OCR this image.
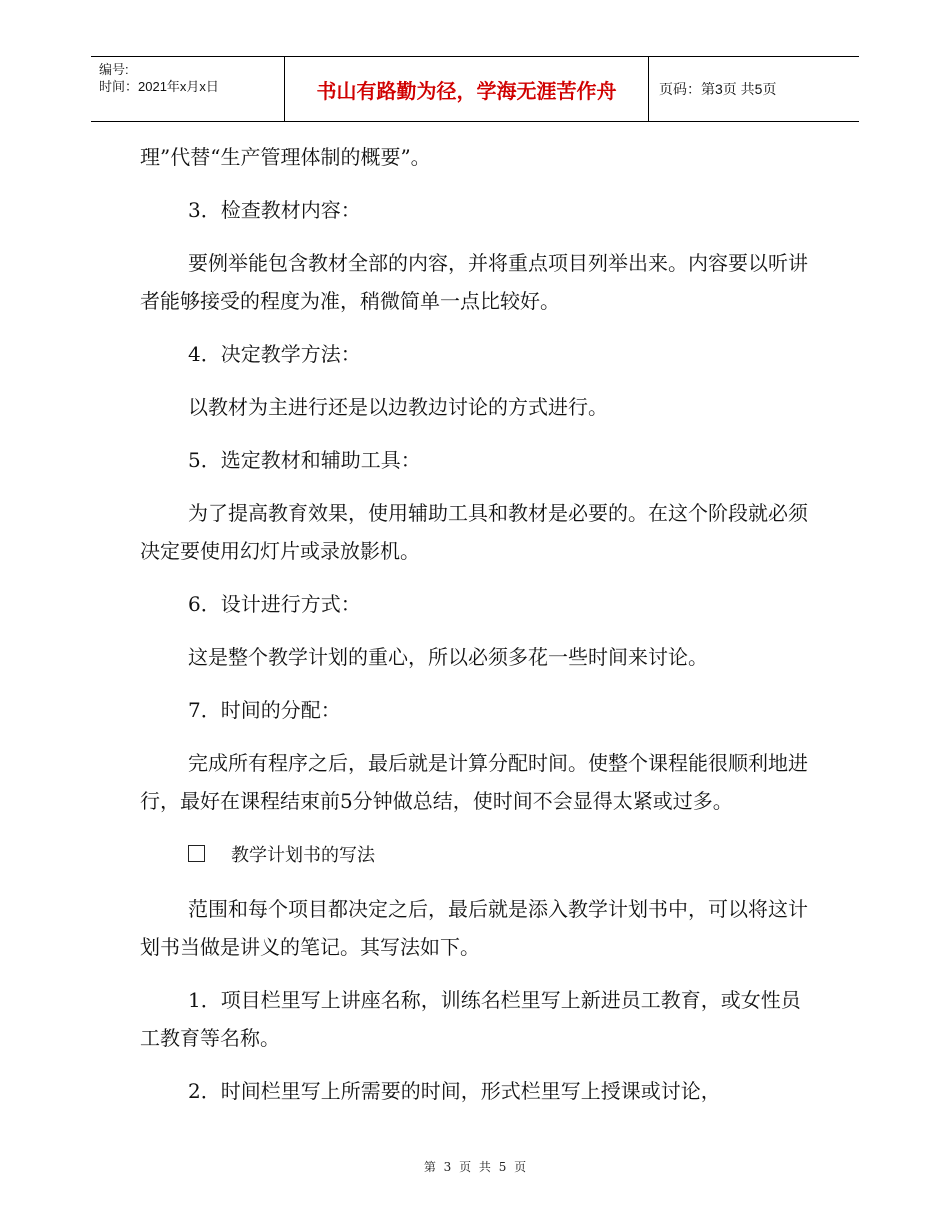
编号:
时间：2021年x月x日	书山有路勤为径，学海无涯苦作舟	页码：第3页 共5页
理”代替“生产管理体制的概要”。
3．检查教材内容：
要例举能包含教材全部的内容，并将重点项目列举出来。内容要以听讲者能够接受的程度为准，稍微简单一点比较好。
4．决定教学方法：
以教材为主进行还是以边教边讨论的方式进行。
5．选定教材和辅助工具：
为了提高教育效果，使用辅助工具和教材是必要的。在这个阶段就必须决定要使用幻灯片或录放影机。
6．设计进行方式：
这是整个教学计划的重心，所以必须多花一些时间来讨论。
7．时间的分配：
完成所有程序之后，最后就是计算分配时间。使整个课程能很顺利地进行，最好在课程结束前5分钟做总结，使时间不会显得太紧或过多。
教学计划书的写法
范围和每个项目都决定之后，最后就是添入教学计划书中，可以将这计划书当做是讲义的笔记。其写法如下。
1．项目栏里写上讲座名称，训练名栏里写上新进员工教育，或女性员工教育等名称。
2．时间栏里写上所需要的时间，形式栏里写上授课或讨论，
第 3 页 共 5 页
